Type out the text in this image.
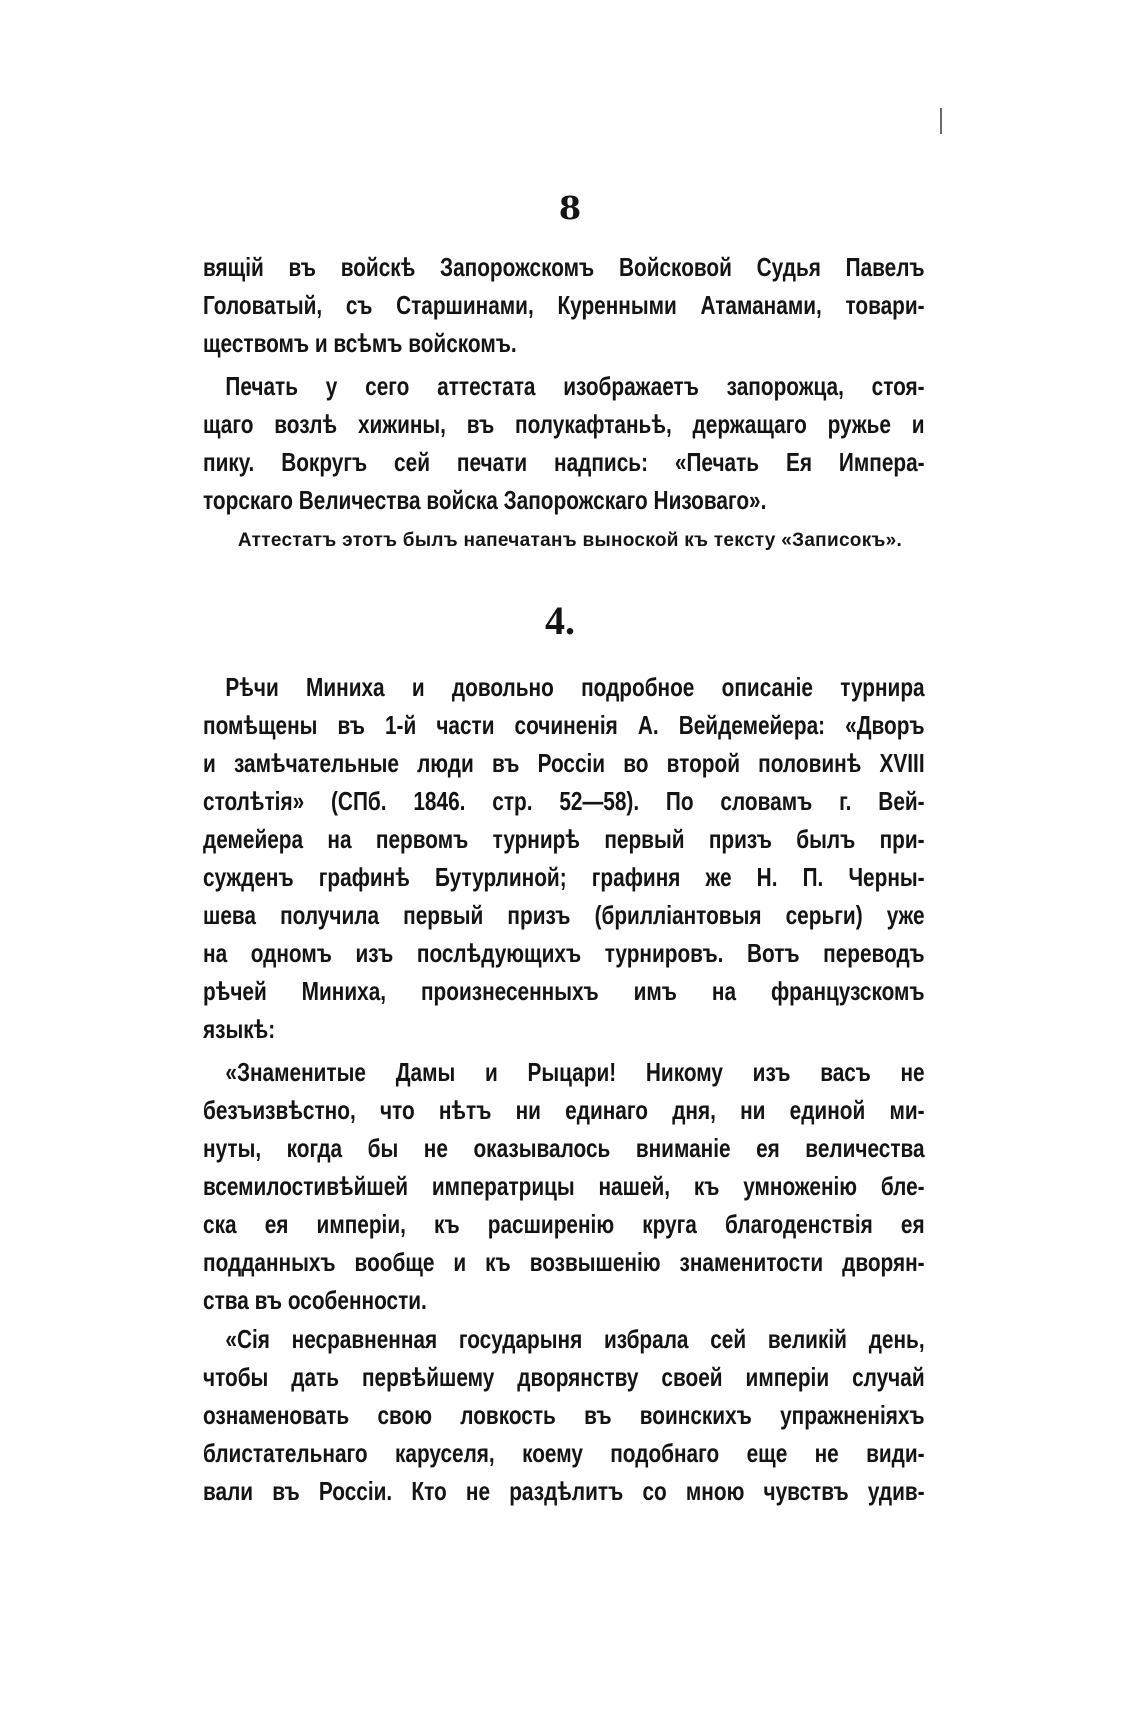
8
вящій въ войскѣ Запорожскомъ Войсковой Судья Павелъ
Головатый, съ Старшинами, Куренными Атаманами, товари-
ществомъ и всѣмъ войскомъ.
Печать у сего аттестата изображаетъ запорожца, стоя-
щаго возлѣ хижины, въ полукафтаньѣ, держащаго ружье и
пику. Вокругъ сей печати надпись: «Печать Ея Импера-
торскаго Величества войска Запорожскаго Низоваго».
Аттестатъ этотъ былъ напечатанъ выноской къ тексту «Записокъ».
4.
Рѣчи Миниха и довольно подробное описаніе турнира
помѣщены въ 1-й части сочиненія А. Вейдемейера: «Дворъ
и замѣчательные люди въ Россіи во второй половинѣ XVIII
столѣтія» (СПб. 1846. стр. 52—58). По словамъ г. Вей-
демейера на первомъ турнирѣ первый призъ былъ при-
сужденъ графинѣ Бутурлиной; графиня же Н. П. Черны-
шева получила первый призъ (брилліантовыя серьги) уже
на одномъ изъ послѣдующихъ турнировъ. Вотъ переводъ
рѣчей Миниха, произнесенныхъ имъ на французскомъ
языкѣ:
«Знаменитые Дамы и Рыцари! Никому изъ васъ не
безъизвѣстно, что нѣтъ ни единаго дня, ни единой ми-
нуты, когда бы не оказывалось вниманіе ея величества
всемилостивѣйшей императрицы нашей, къ умноженію бле-
ска ея имперіи, къ расширенію круга благоденствія ея
подданныхъ вообще и къ возвышенію знаменитости дворян-
ства въ особенности.
«Сія несравненная государыня избрала сей великій день,
чтобы дать первѣйшему дворянству своей имперіи случай
ознаменовать свою ловкость въ воинскихъ упражненіяхъ
блистательнаго каруселя, коему подобнаго еще не види-
вали въ Россіи. Кто не раздѣлитъ со мною чувствъ удив-
